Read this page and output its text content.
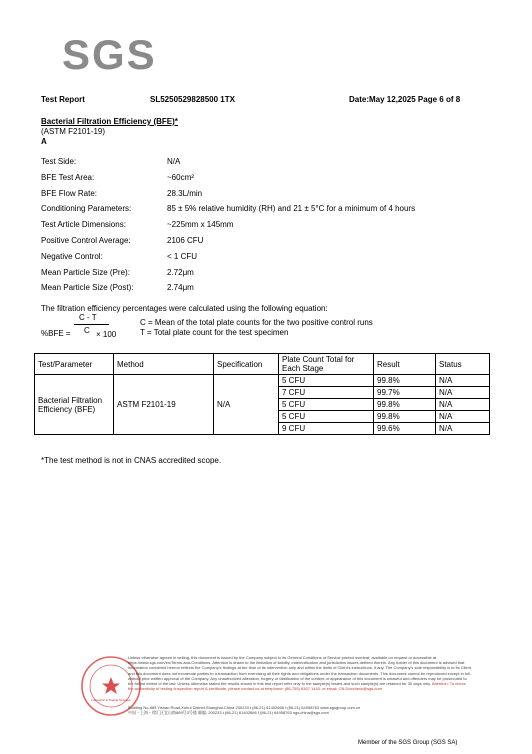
SGS
Test Report	SL5250529828500 1TX	Date:May 12,2025 Page 6 of 8
Bacterial Filtration Efficiency (BFE)*
(ASTM F2101-19)
A
Test Side:	N/A
BFE Test Area:	~60cm²
BFE Flow Rate:	28.3L/min
Conditioning Parameters:	85 ± 5% relative humidity (RH) and 21 ± 5°C for a minimum of 4 hours
Test Article Dimensions:	~225mm x 145mm
Positive Control Average:	2106 CFU
Negative Control:	< 1 CFU
Mean Particle Size (Pre):	2.72μm
Mean Particle Size (Post):	2.74μm
The filtration efficiency percentages were calculated using the following equation:
C - T
C
%BFE =	× 100
C = Mean of the total plate counts for the two positive control runs
T = Total plate count for the test specimen
Test/Parameter	Method	Specification	Plate Count Total for Each Stage	Result	Status
Bacterial Filtration Efficiency (BFE)	ASTM F2101-19	N/A	5 CFU	99.8%	N/A
			7 CFU	99.7%	N/A
			5 CFU	99.8%	N/A
			5 CFU	99.8%	N/A
			9 CFU	99.6%	N/A
*The test method is not in CNAS accredited scope.
Inspection & Testing Services
Unless otherwise agreed in writing, this document is issued by the Company subject to its General Conditions of Service printed overleaf, available on request or accessible at https://www.sgs.com/en/Terms-and-Conditions. Attention is drawn to the limitation of liability, indemnification and jurisdiction issues defined therein. Any holder of this document is advised that information contained hereon reflects the Company's findings at the time of its intervention only and within the limits of Client's instructions, if any. The Company's sole responsibility is to its Client and this document does not exonerate parties to a transaction from exercising all their rights and obligations under the transaction documents. This document cannot be reproduced except in full, without prior written approval of the Company. Any unauthorized alteration, forgery or falsification of the content or appearance of this document is unlawful and offenders may be prosecuted to the fullest extent of the law. Unless otherwise stated the results shown in this test report refer only to the sample(s) tested and such sample(s) are retained for 30 days only. Attention: To check the authenticity of testing /inspection report & certificate, please contact us at telephone: (86-755) 8307 1443, or email: CN.Doccheck@sgs.com
Building No.889,Yishan Road,Xuhui District,Shanghai,China 200233 t (86-21) 61402666 f (86-21) 64958763 www.sgsgroup.com.cn
中国・上海・徐汇区宜山路889号3号楼 邮编: 200233 t (86-21) 61402666 f (86-21) 64958763 sgs.china@sgs.com
Member of the SGS Group (SGS SA)
